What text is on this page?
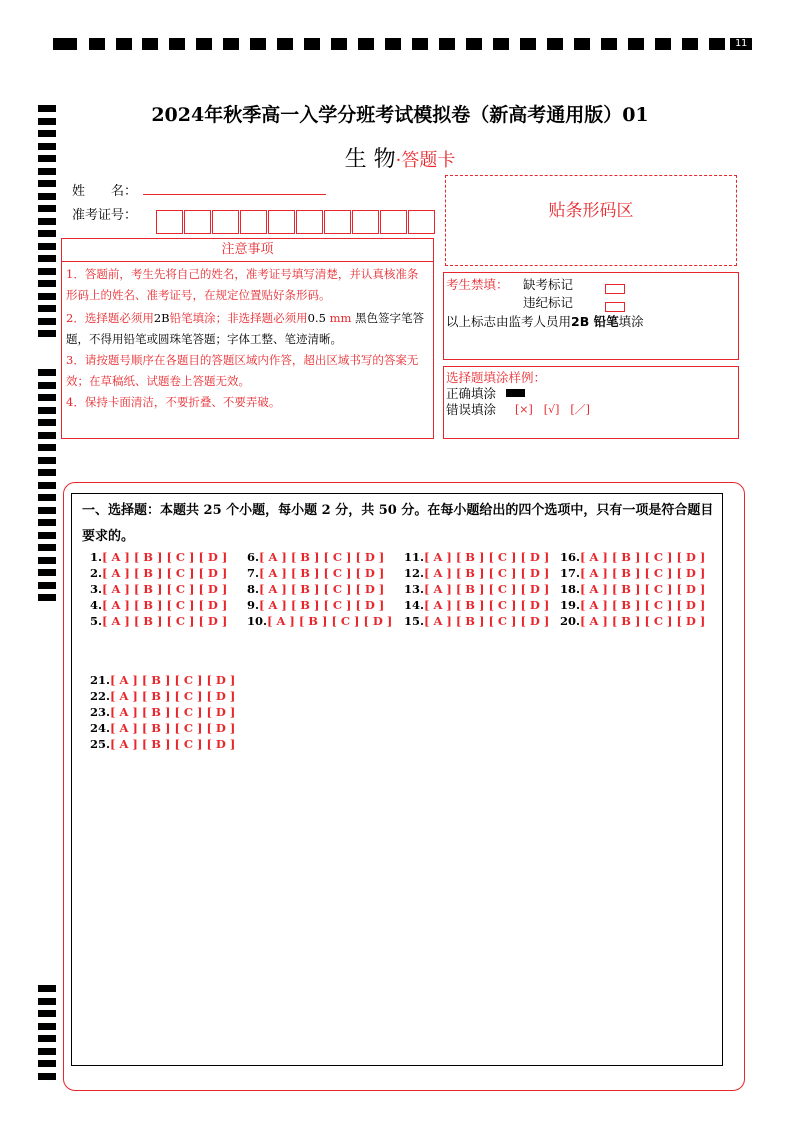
11
2024年秋季高一入学分班考试模拟卷（新高考通用版）01
生 物·答题卡
姓　　名：
准考证号：
注意事项
1．答题前，考生先将自己的姓名，准考证号填写清楚，并认真核准条形码上的姓名、准考证号，在规定位置贴好条形码。
2．选择题必须用2B铅笔填涂；非选择题必须用0.5 mm 黑色签字笔答题，不得用铅笔或圆珠笔答题；字体工整、笔迹清晰。
3．请按题号顺序在各题目的答题区域内作答，超出区域书写的答案无效；在草稿纸、试题卷上答题无效。
4．保持卡面清洁，不要折叠、不要弄破。
贴条形码区
考生禁填： 缺考标记
违纪标记
以上标志由监考人员用2B 铅笔填涂
选择题填涂样例：
正确填涂
错误填涂 [×]　[√]　[／]
一、选择题：本题共 25 个小题，每小题 2 分，共 50 分。在每小题给出的四个选项中，只有一项是符合题目要求的。
1.[ A ] [ B ] [ C ] [ D ]
2.[ A ] [ B ] [ C ] [ D ]
3.[ A ] [ B ] [ C ] [ D ]
4.[ A ] [ B ] [ C ] [ D ]
5.[ A ] [ B ] [ C ] [ D ]
6.[ A ] [ B ] [ C ] [ D ]
7.[ A ] [ B ] [ C ] [ D ]
8.[ A ] [ B ] [ C ] [ D ]
9.[ A ] [ B ] [ C ] [ D ]
10.[ A ] [ B ] [ C ] [ D ]
11.[ A ] [ B ] [ C ] [ D ]
12.[ A ] [ B ] [ C ] [ D ]
13.[ A ] [ B ] [ C ] [ D ]
14.[ A ] [ B ] [ C ] [ D ]
15.[ A ] [ B ] [ C ] [ D ]
16.[ A ] [ B ] [ C ] [ D ]
17.[ A ] [ B ] [ C ] [ D ]
18.[ A ] [ B ] [ C ] [ D ]
19.[ A ] [ B ] [ C ] [ D ]
20.[ A ] [ B ] [ C ] [ D ]
21.[ A ] [ B ] [ C ] [ D ]
22.[ A ] [ B ] [ C ] [ D ]
23.[ A ] [ B ] [ C ] [ D ]
24.[ A ] [ B ] [ C ] [ D ]
25.[ A ] [ B ] [ C ] [ D ]
